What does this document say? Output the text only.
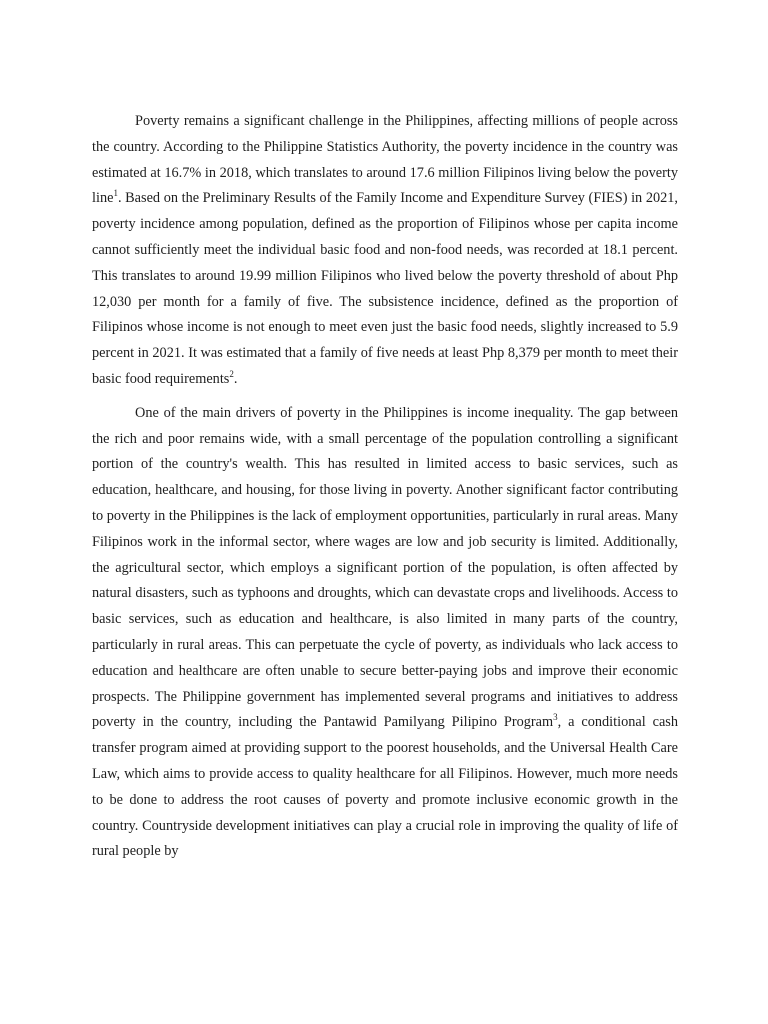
Poverty remains a significant challenge in the Philippines, affecting millions of people across the country. According to the Philippine Statistics Authority, the poverty incidence in the country was estimated at 16.7% in 2018, which translates to around 17.6 million Filipinos living below the poverty line$^1$. Based on the Preliminary Results of the Family Income and Expenditure Survey (FIES) in 2021, poverty incidence among population, defined as the proportion of Filipinos whose per capita income cannot sufficiently meet the individual basic food and non-food needs, was recorded at 18.1 percent. This translates to around 19.99 million Filipinos who lived below the poverty threshold of about Php 12,030 per month for a family of five. The subsistence incidence, defined as the proportion of Filipinos whose income is not enough to meet even just the basic food needs, slightly increased to 5.9 percent in 2021. It was estimated that a family of five needs at least Php 8,379 per month to meet their basic food requirements$^2$.

One of the main drivers of poverty in the Philippines is income inequality. The gap between the rich and poor remains wide, with a small percentage of the population controlling a significant portion of the country's wealth. This has resulted in limited access to basic services, such as education, healthcare, and housing, for those living in poverty. Another significant factor contributing to poverty in the Philippines is the lack of employment opportunities, particularly in rural areas. Many Filipinos work in the informal sector, where wages are low and job security is limited. Additionally, the agricultural sector, which employs a significant portion of the population, is often affected by natural disasters, such as typhoons and droughts, which can devastate crops and livelihoods. Access to basic services, such as education and healthcare, is also limited in many parts of the country, particularly in rural areas. This can perpetuate the cycle of poverty, as individuals who lack access to education and healthcare are often unable to secure better-paying jobs and improve their economic prospects. The Philippine government has implemented several programs and initiatives to address poverty in the country, including the Pantawid Pamilyang Pilipino Program$^3$, a conditional cash transfer program aimed at providing support to the poorest households, and the Universal Health Care Law, which aims to provide access to quality healthcare for all Filipinos. However, much more needs to be done to address the root causes of poverty and promote inclusive economic growth in the country. Countryside development initiatives can play a crucial role in improving the quality of life of rural people by
